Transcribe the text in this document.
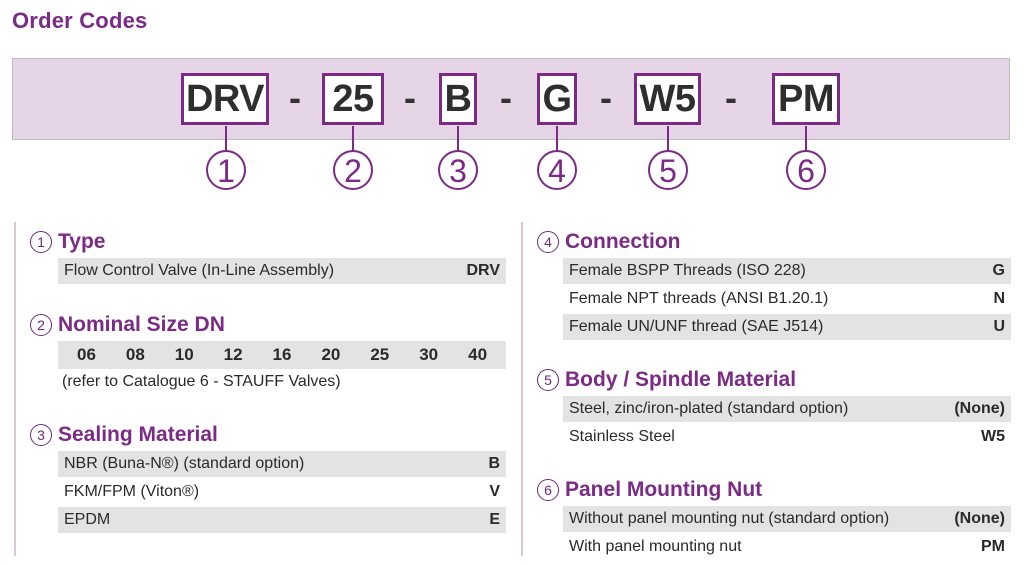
Order Codes
DRV - 25 - B - G - W5 - PM
1	2	3	4	5	6
1 Type
Flow Control Valve (In-Line Assembly)	DRV
2 Nominal Size DN
06	08	10	12	16	20	25	30	40
(refer to Catalogue 6 - STAUFF Valves)
3 Sealing Material
NBR (Buna-N®) (standard option)	B
FKM/FPM (Viton®)	V
EPDM	E
4 Connection
Female BSPP Threads (ISO 228)	G
Female NPT threads (ANSI B1.20.1)	N
Female UN/UNF thread (SAE J514)	U
5 Body / Spindle Material
Steel, zinc/iron-plated (standard option)	(None)
Stainless Steel	W5
6 Panel Mounting Nut
Without panel mounting nut (standard option)	(None)
With panel mounting nut	PM
